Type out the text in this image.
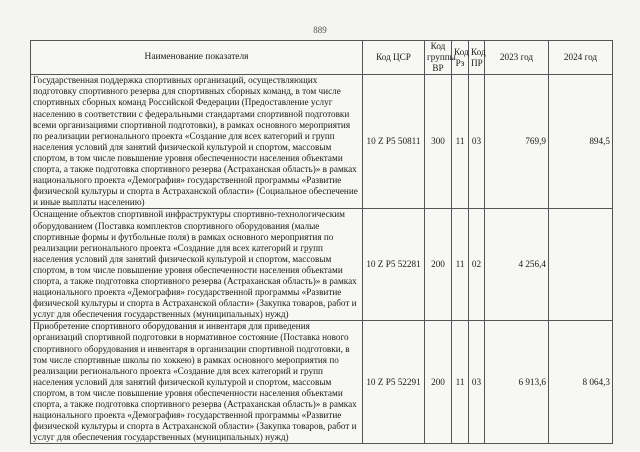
889
Наименование показателя	Код ЦСР	Код группы ВР	Код Рз	Код ПР	2023 год	2024 год
Государственная поддержка спортивных организаций, осуществляющих подготовку спортивного резерва для спортивных сборных команд, в том числе спортивных сборных команд Российской Федерации (Предоставление услуг населению в соответствии с федеральными стандартами спортивной подготовки всеми организациями спортивной подготовки), в рамках основного мероприятия по реализации регионального проекта «Создание для всех категорий и групп населения условий для занятий физической культурой и спортом, массовым спортом, в том числе повышение уровня обеспеченности населения объектами спорта, а также подготовка спортивного резерва (Астраханская область)» в рамках национального проекта «Демография» государственной программы «Развитие физической культуры и спорта в Астраханской области» (Социальное обеспечение и иные выплаты населению)	10 Z P5 50811	300	11	03	769,9	894,5
Оснащение объектов спортивной инфраструктуры спортивно-технологическим оборудованием (Поставка комплектов спортивного оборудования (малые спортивные формы и футбольные поля) в рамках основного мероприятия по реализации регионального проекта «Создание для всех категорий и групп населения условий для занятий физической культурой и спортом, массовым спортом, в том числе повышение уровня обеспеченности населения объектами спорта, а также подготовка спортивного резерва (Астраханская область)» в рамках национального проекта «Демография» государственной программы «Развитие физической культуры и спорта в Астраханской области» (Закупка товаров, работ и услуг для обеспечения государственных (муниципальных) нужд)	10 Z P5 52281	200	11	02	4 256,4	
Приобретение спортивного оборудования и инвентаря для приведения организаций спортивной подготовки в нормативное состояние (Поставка нового спортивного оборудования и инвентаря в организации спортивной подготовки, в том числе спортивные школы по хоккею) в рамках основного мероприятия по реализации регионального проекта «Создание для всех категорий и групп населения условий для занятий физической культурой и спортом, массовым спортом, в том числе повышение уровня обеспеченности населения объектами спорта, а также подготовка спортивного резерва (Астраханская область)» в рамках национального проекта «Демография» государственной программы «Развитие физической культуры и спорта в Астраханской области» (Закупка товаров, работ и услуг для обеспечения государственных (муниципальных) нужд)	10 Z P5 52291	200	11	03	6 913,6	8 064,3
